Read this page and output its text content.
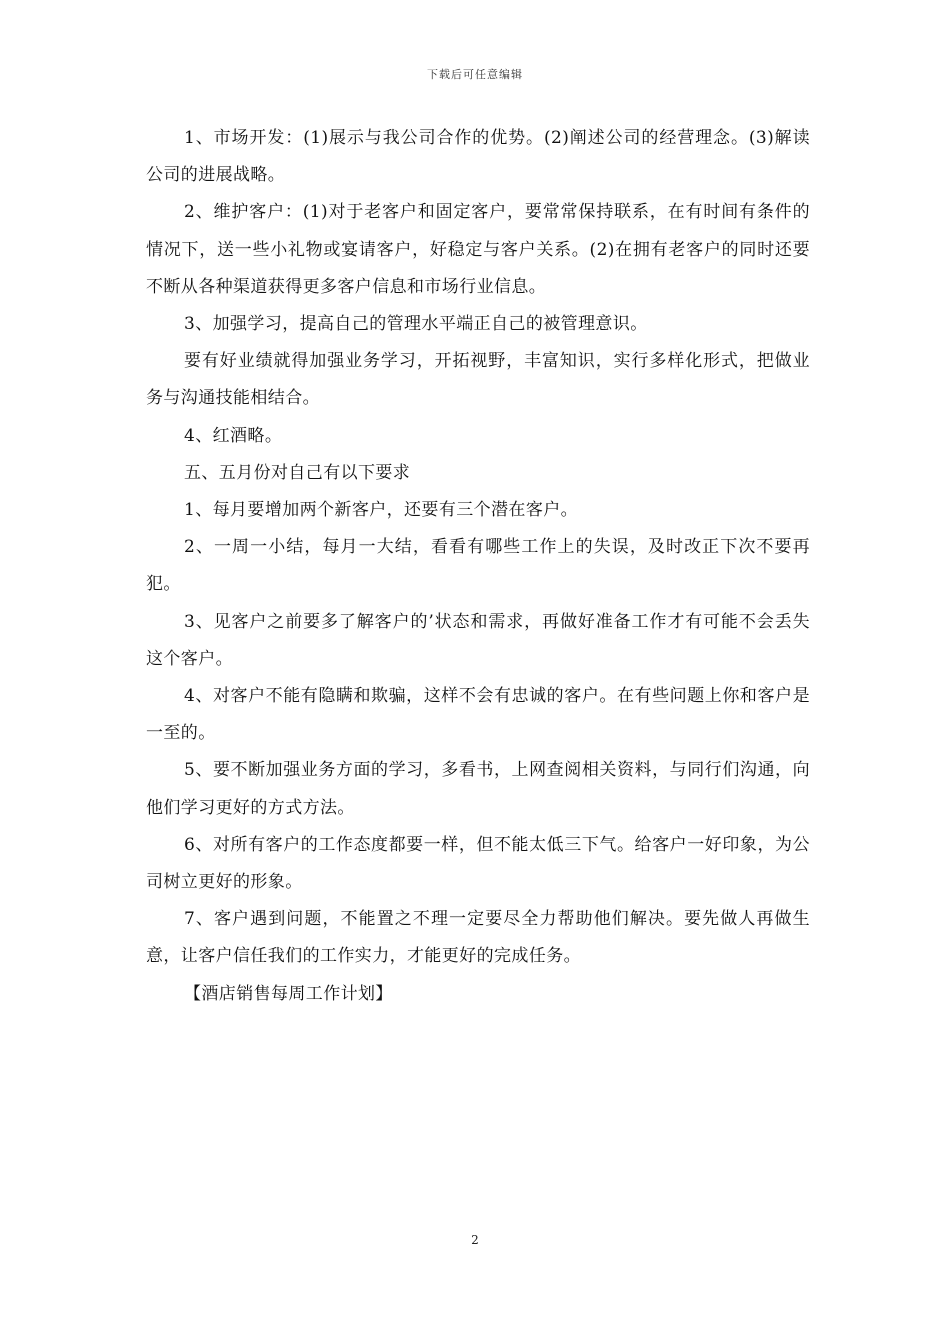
下载后可任意编辑

1、市场开发：(1)展示与我公司合作的优势。(2)阐述公司的经营理念。(3)解读公司的进展战略。

2、维护客户：(1)对于老客户和固定客户，要常常保持联系，在有时间有条件的情况下，送一些小礼物或宴请客户，好稳定与客户关系。(2)在拥有老客户的同时还要不断从各种渠道获得更多客户信息和市场行业信息。

3、加强学习，提高自己的管理水平端正自己的被管理意识。

要有好业绩就得加强业务学习，开拓视野，丰富知识，实行多样化形式，把做业务与沟通技能相结合。

4、红酒略。

五、五月份对自己有以下要求

1、每月要增加两个新客户，还要有三个潜在客户。

2、一周一小结，每月一大结，看看有哪些工作上的失误，及时改正下次不要再犯。

3、见客户之前要多了解客户的’状态和需求，再做好准备工作才有可能不会丢失这个客户。

4、对客户不能有隐瞒和欺骗，这样不会有忠诚的客户。在有些问题上你和客户是一至的。

5、要不断加强业务方面的学习，多看书，上网查阅相关资料，与同行们沟通，向他们学习更好的方式方法。

6、对所有客户的工作态度都要一样，但不能太低三下气。给客户一好印象，为公司树立更好的形象。

7、客户遇到问题，不能置之不理一定要尽全力帮助他们解决。要先做人再做生意，让客户信任我们的工作实力，才能更好的完成任务。

【酒店销售每周工作计划】

2
